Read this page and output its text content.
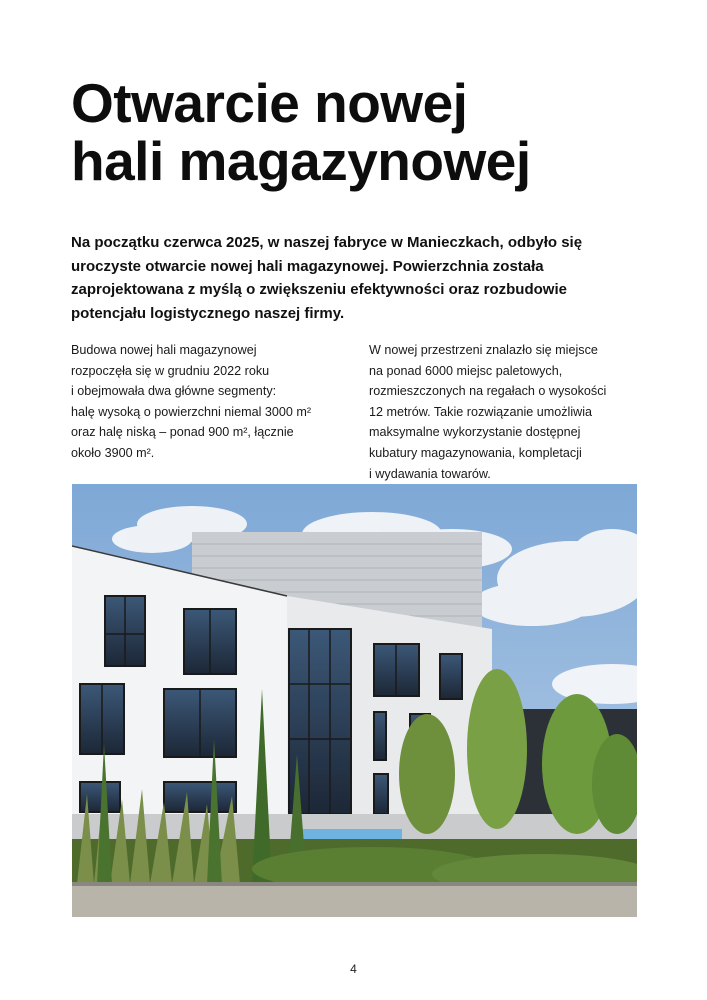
Otwarcie nowej
hali magazynowej

Na początku czerwca 2025, w naszej fabryce w Manieczkach, odbyło się uroczyste otwarcie nowej hali magazynowej. Powierzchnia została zaprojektowana z myślą o zwiększeniu efektywności oraz rozbudowie potencjału logistycznego naszej firmy.

Budowa nowej hali magazynowej
rozpoczęła się w grudniu 2022 roku
i obejmowała dwa główne segmenty:
halę wysoką o powierzchni niemal 3000 m²
oraz halę niską – ponad 900 m², łącznie
około 3900 m².

W nowej przestrzeni znalazło się miejsce
na ponad 6000 miejsc paletowych,
rozmieszczonych na regałach o wysokości
12 metrów. Takie rozwiązanie umożliwia
maksymalne wykorzystanie dostępnej
kubatury magazynowania, kompletacji
i wydawania towarów.

4
